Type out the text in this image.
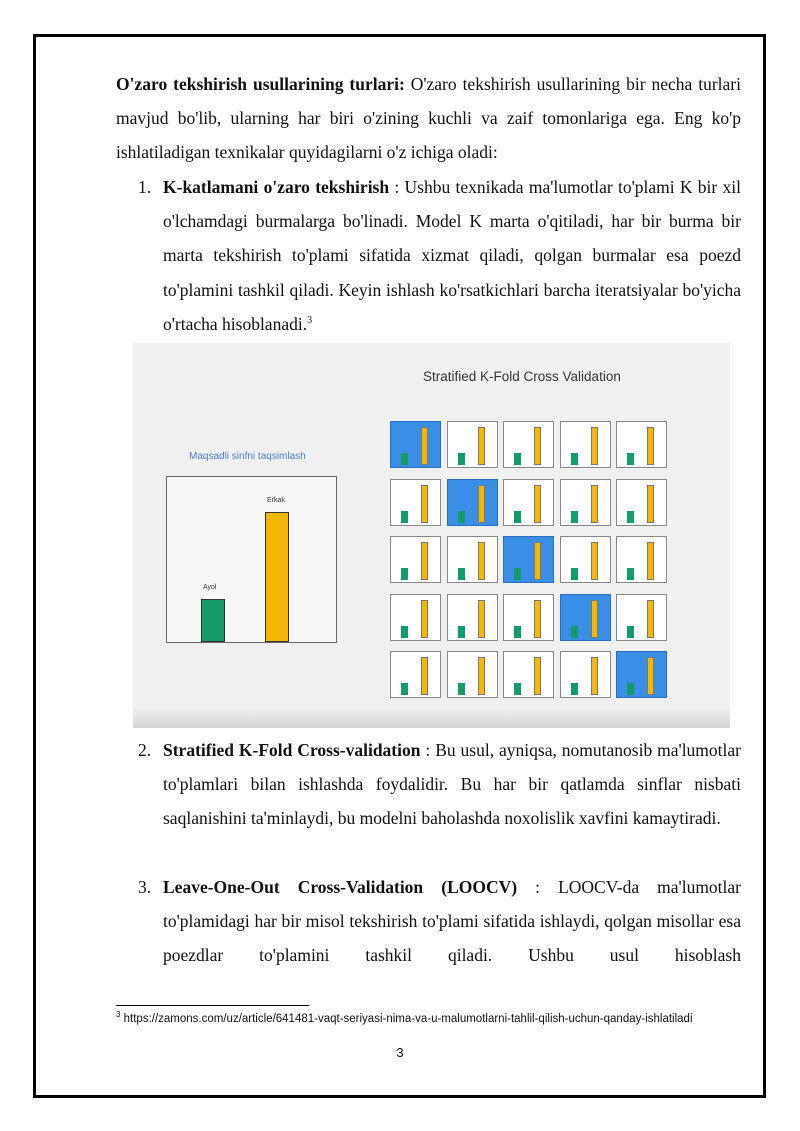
O'zaro tekshirish usullarining turlari: O'zaro tekshirish usullarining bir necha turlari mavjud bo'lib, ularning har biri o'zining kuchli va zaif tomonlariga ega. Eng ko'p ishlatiladigan texnikalar quyidagilarni o'z ichiga oladi:

1. K-katlamani o'zaro tekshirish : Ushbu texnikada ma'lumotlar to'plami K bir xil o'lchamdagi burmalarga bo'linadi. Model K marta o'qitiladi, har bir burma bir marta tekshirish to'plami sifatida xizmat qiladi, qolgan burmalar esa poezd to'plamini tashkil qiladi. Keyin ishlash ko'rsatkichlari barcha iteratsiyalar bo'yicha o'rtacha hisoblanadi.$^3$
Stratified K-Fold Cross Validation
Maqsadli sinfni taqsimlash
Ayol
Erkak
2. Stratified K-Fold Cross-validation : Bu usul, ayniqsa, nomutanosib ma'lumotlar to'plamlari bilan ishlashda foydalidir. Bu har bir qatlamda sinflar nisbati saqlanishini ta'minlaydi, bu modelni baholashda noxolislik xavfini kamaytiradi.
3. Leave-One-Out Cross-Validation (LOOCV) : LOOCV-da ma'lumotlar to'plamidagi har bir misol tekshirish to'plami sifatida ishlaydi, qolgan misollar esa poezdlar to'plamini tashkil qiladi. Ushbu usul hisoblash
$^3$ https://zamons.com/uz/article/641481-vaqt-seriyasi-nima-va-u-malumotlarni-tahlil-qilish-uchun-qanday-ishlatiladi
3
